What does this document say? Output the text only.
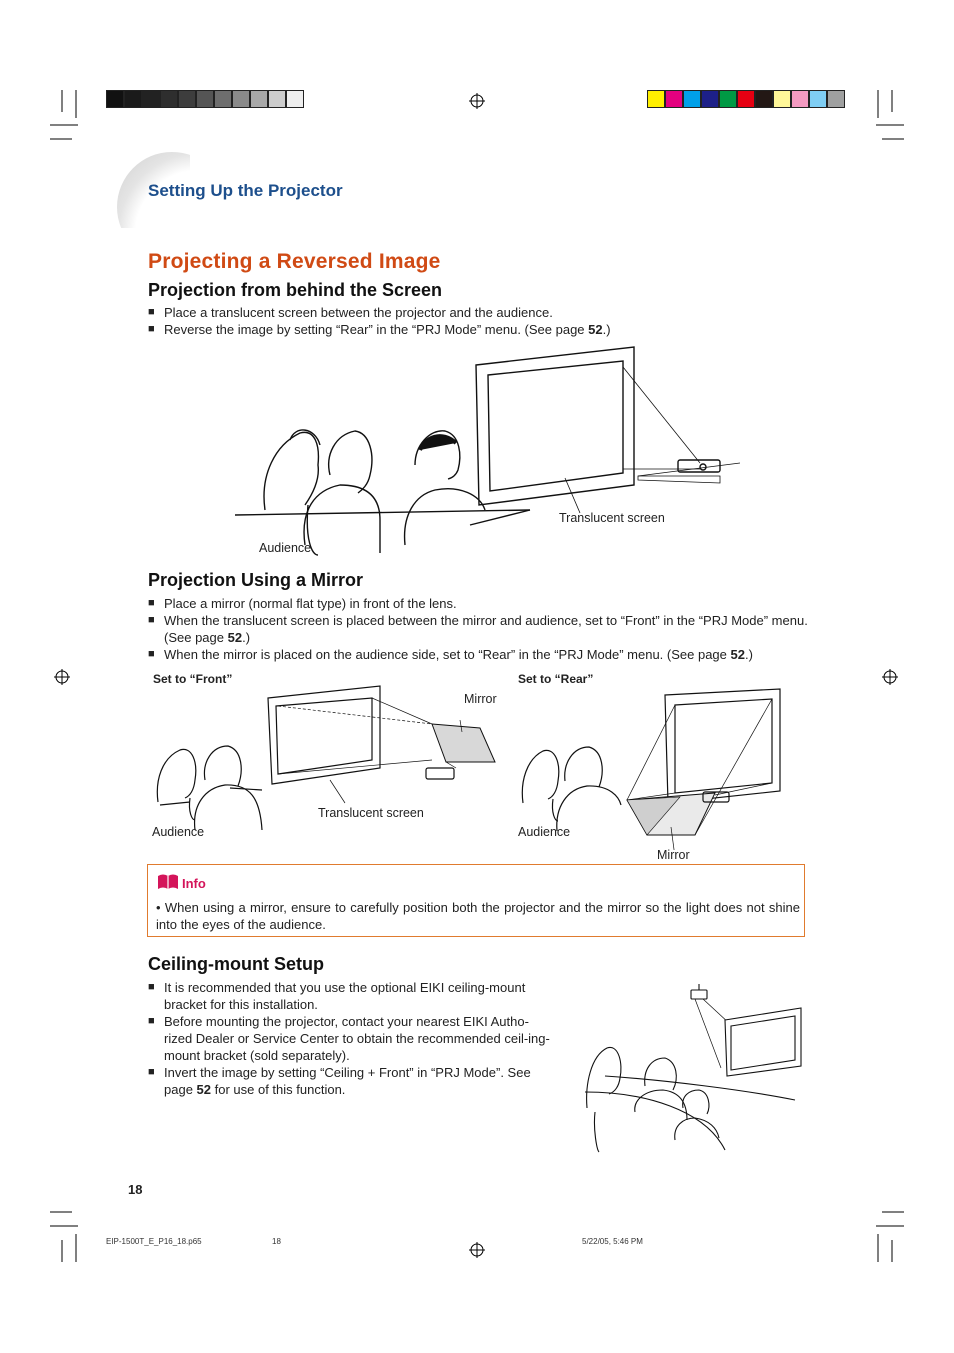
Setting Up the Projector
Projecting a Reversed Image
Projection from behind the Screen
■ Place a translucent screen between the projector and the audience.
■ Reverse the image by setting “Rear” in the “PRJ Mode” menu. (See page 52.)
Translucent screen
Audience
Projection Using a Mirror
■ Place a mirror (normal flat type) in front of the lens.
■ When the translucent screen is placed between the mirror and audience, set to “Front” in the “PRJ Mode” menu. (See page 52.)
■ When the mirror is placed on the audience side, set to “Rear” in the “PRJ Mode” menu. (See page 52.)
Set to “Front”	Set to “Rear”
Mirror
Translucent screen
Audience	Audience
Mirror
Info
• When using a mirror, ensure to carefully position both the projector and the mirror so the light does not shine into the eyes of the audience.
Ceiling-mount Setup
■ It is recommended that you use the optional EIKI ceiling-mount bracket for this installation.
■ Before mounting the projector, contact your nearest EIKI Autho-rized Dealer or Service Center to obtain the recommended ceil-ing-mount bracket (sold separately).
■ Invert the image by setting “Ceiling + Front” in “PRJ Mode”. See page 52 for use of this function.
18
EIP-1500T_E_P16_18.p65	18	5/22/05, 5:46 PM
